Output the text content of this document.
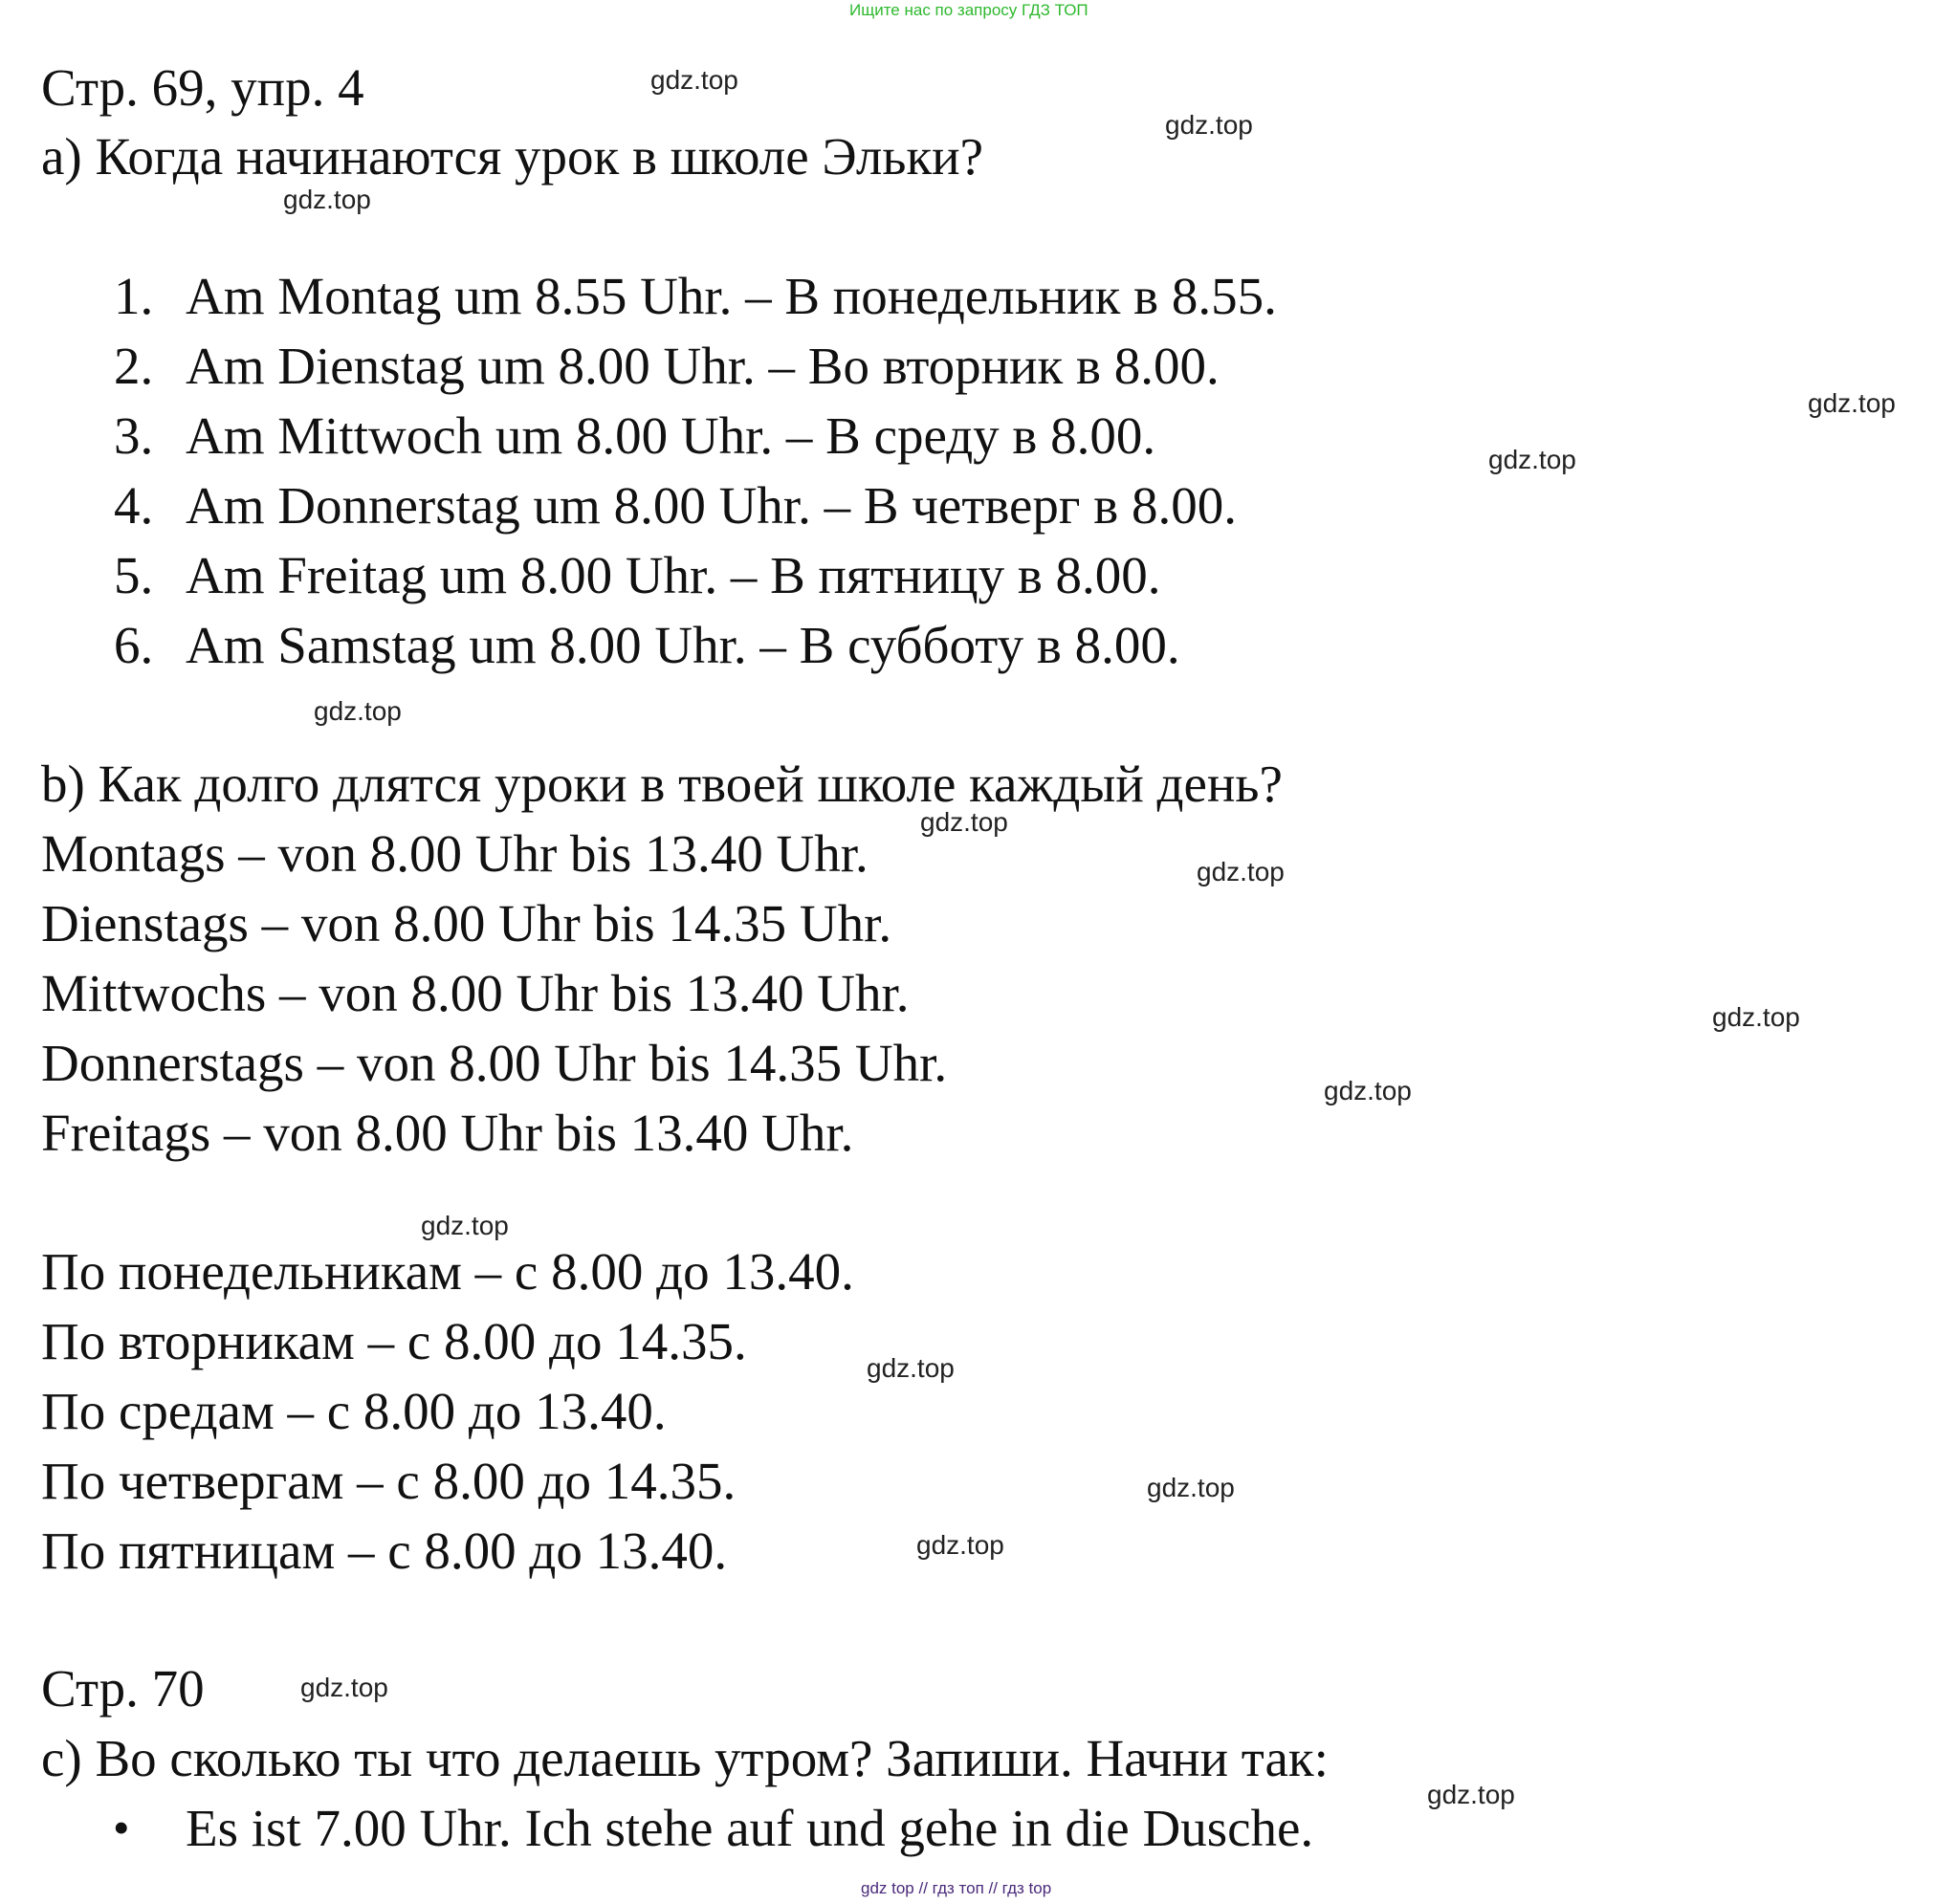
Ищите нас по запросу ГДЗ ТОП
Стр. 69, упр. 4
a) Когда начинаются урок в школе Эльки?
1. Am Montag um 8.55 Uhr. – В понедельник в 8.55.
2. Am Dienstag um 8.00 Uhr. – Во вторник в 8.00.
3. Am Mittwoch um 8.00 Uhr. – В среду в 8.00.
4. Am Donnerstag um 8.00 Uhr. – В четверг в 8.00.
5. Am Freitag um 8.00 Uhr. – В пятницу в 8.00.
6. Am Samstag um 8.00 Uhr. – В субботу в 8.00.
b) Как долго длятся уроки в твоей школе каждый день?
Montags – von 8.00 Uhr bis 13.40 Uhr.
Dienstags – von 8.00 Uhr bis 14.35 Uhr.
Mittwochs – von 8.00 Uhr bis 13.40 Uhr.
Donnerstags – von 8.00 Uhr bis 14.35 Uhr.
Freitags – von 8.00 Uhr bis 13.40 Uhr.
По понедельникам – с 8.00 до 13.40.
По вторникам – с 8.00 до 14.35.
По средам – с 8.00 до 13.40.
По четвергам – с 8.00 до 14.35.
По пятницам – с 8.00 до 13.40.
Стр. 70
c) Во сколько ты что делаешь утром? Запиши. Начни так:
• Es ist 7.00 Uhr. Ich stehe auf und gehe in die Dusche.
gdz.top
gdz.top
gdz.top
gdz.top
gdz.top
gdz.top
gdz.top
gdz.top
gdz.top
gdz.top
gdz.top
gdz.top
gdz.top
gdz.top
gdz.top
gdz.top
gdz top // гдз топ // гдз top
